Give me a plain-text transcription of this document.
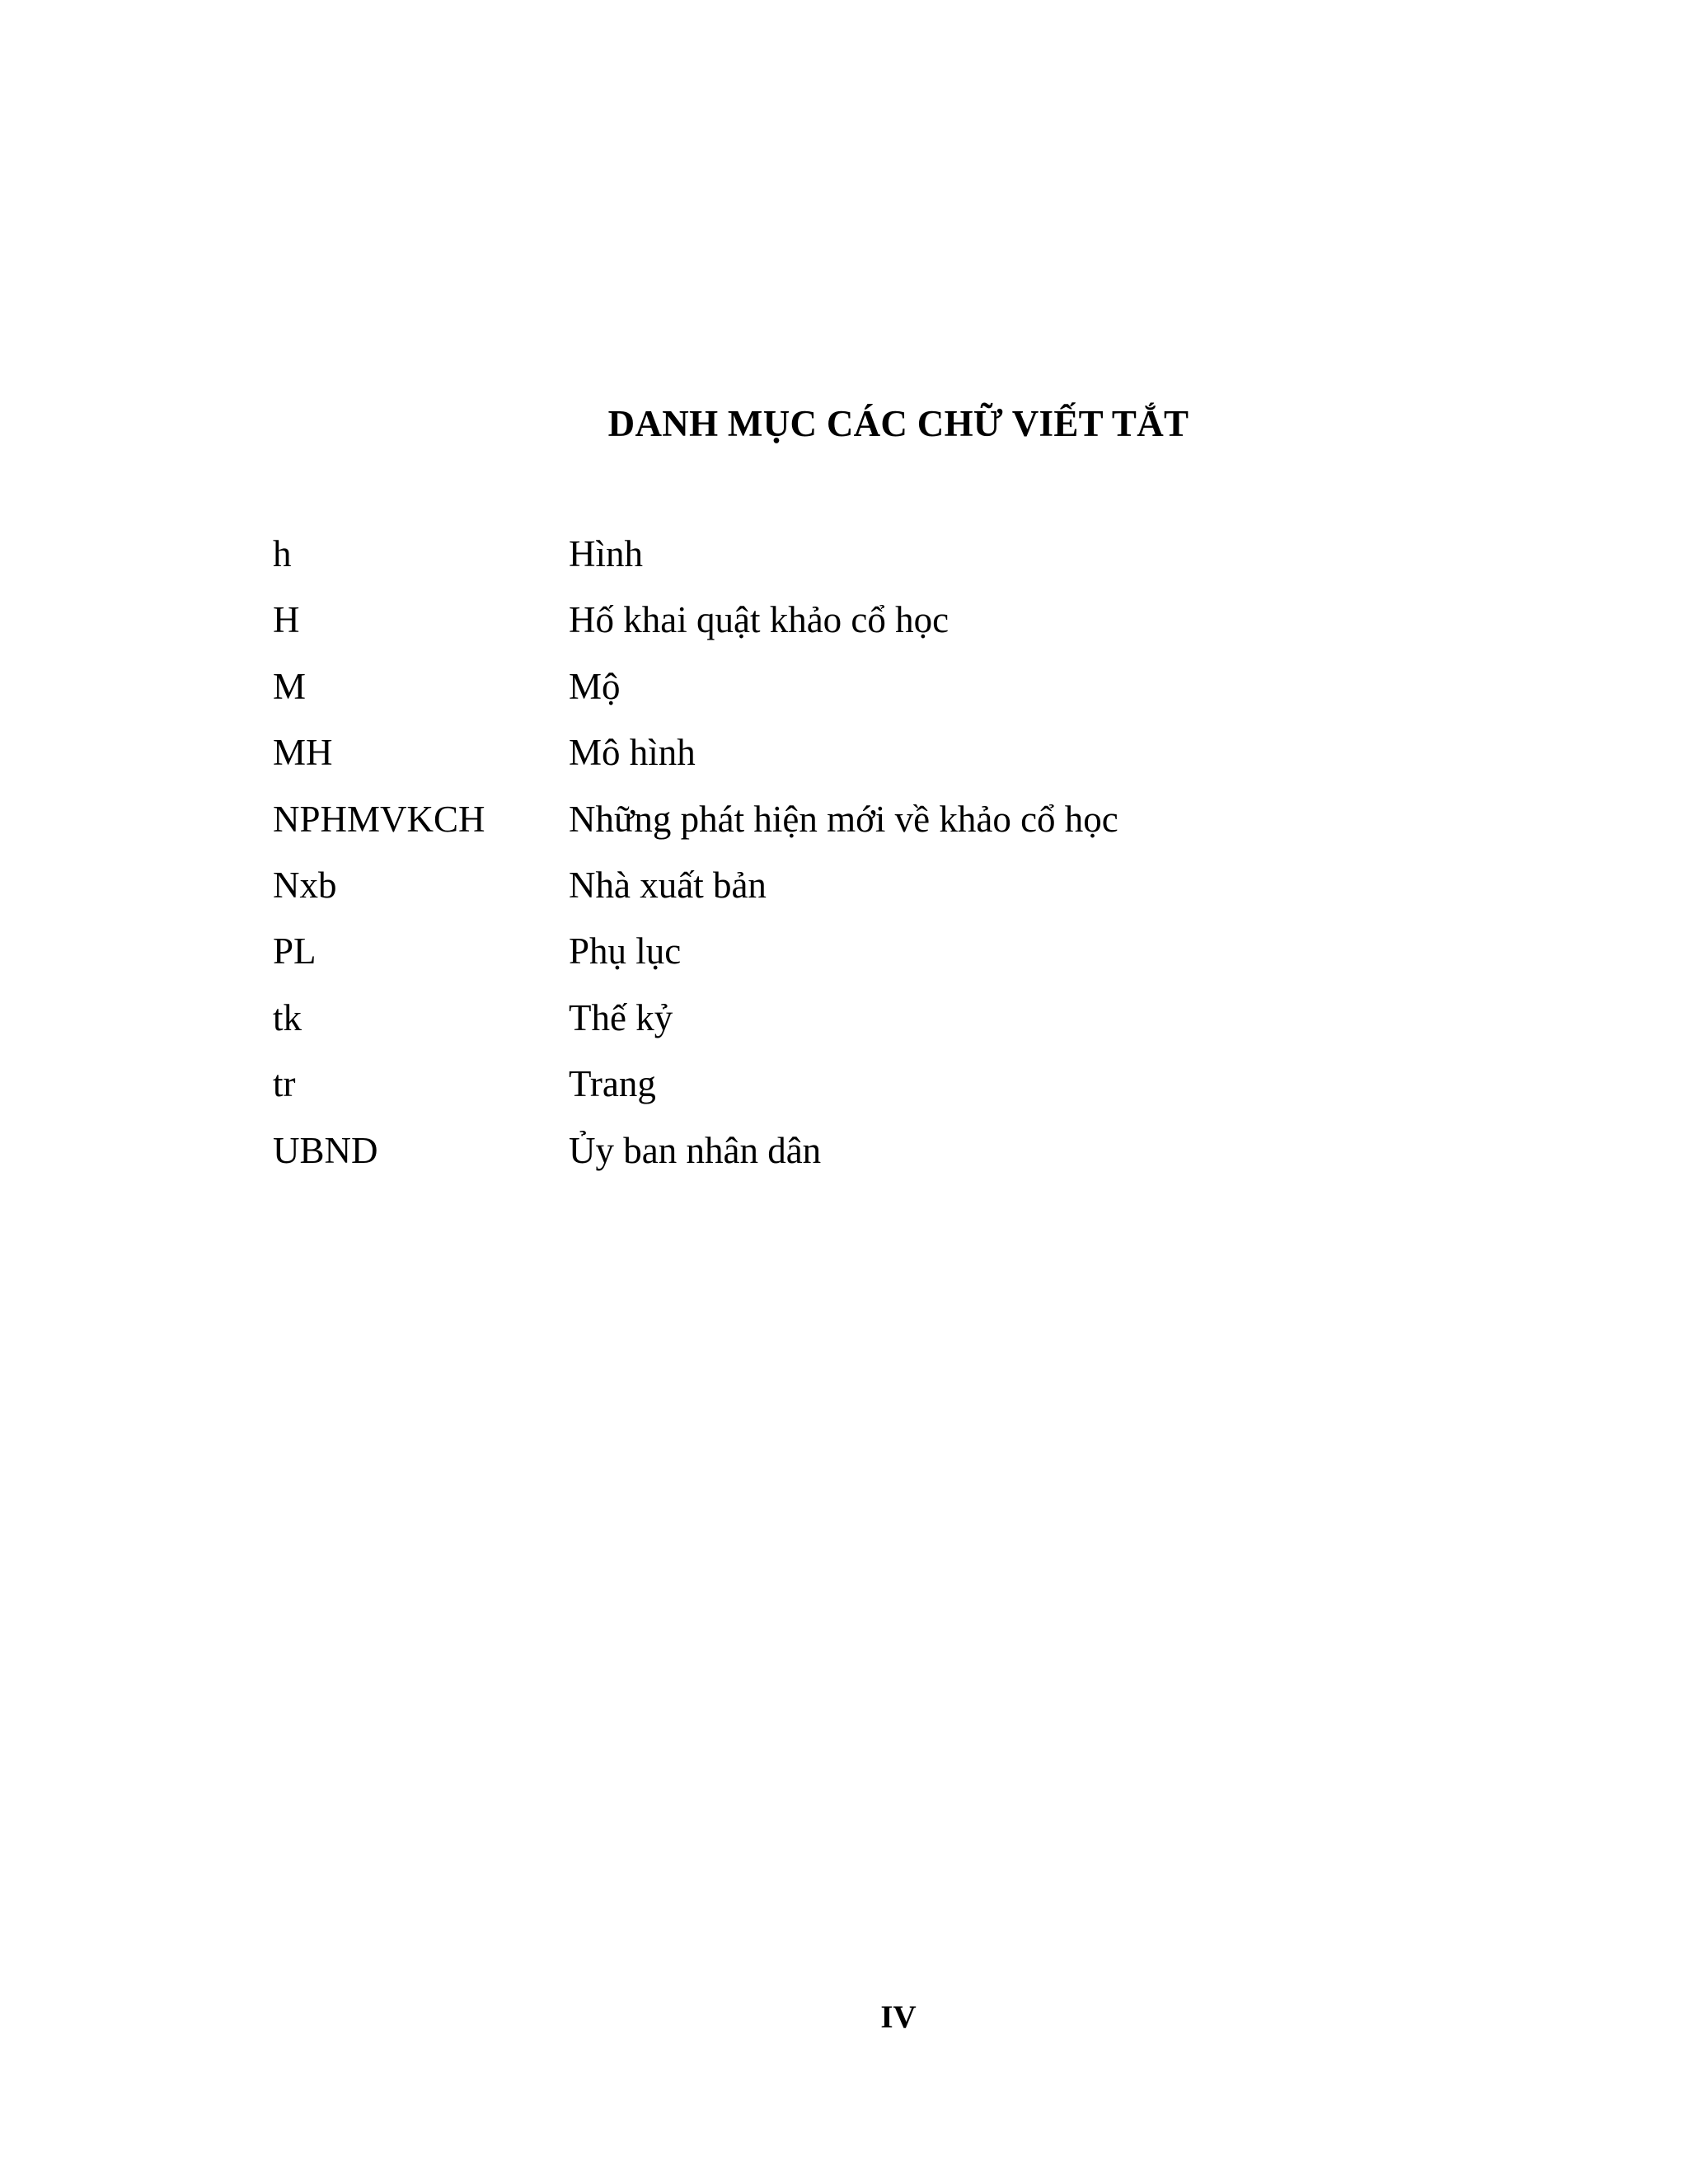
DANH MỤC CÁC CHỮ VIẾT TẮT
h	Hình
H	Hố khai quật khảo cổ học
M	Mộ
MH	Mô hình
NPHMVKCH	Những phát hiện mới về khảo cổ học
Nxb	Nhà xuất bản
PL	Phụ lục
tk	Thế kỷ
tr	Trang
UBND	Ủy ban nhân dân
IV
